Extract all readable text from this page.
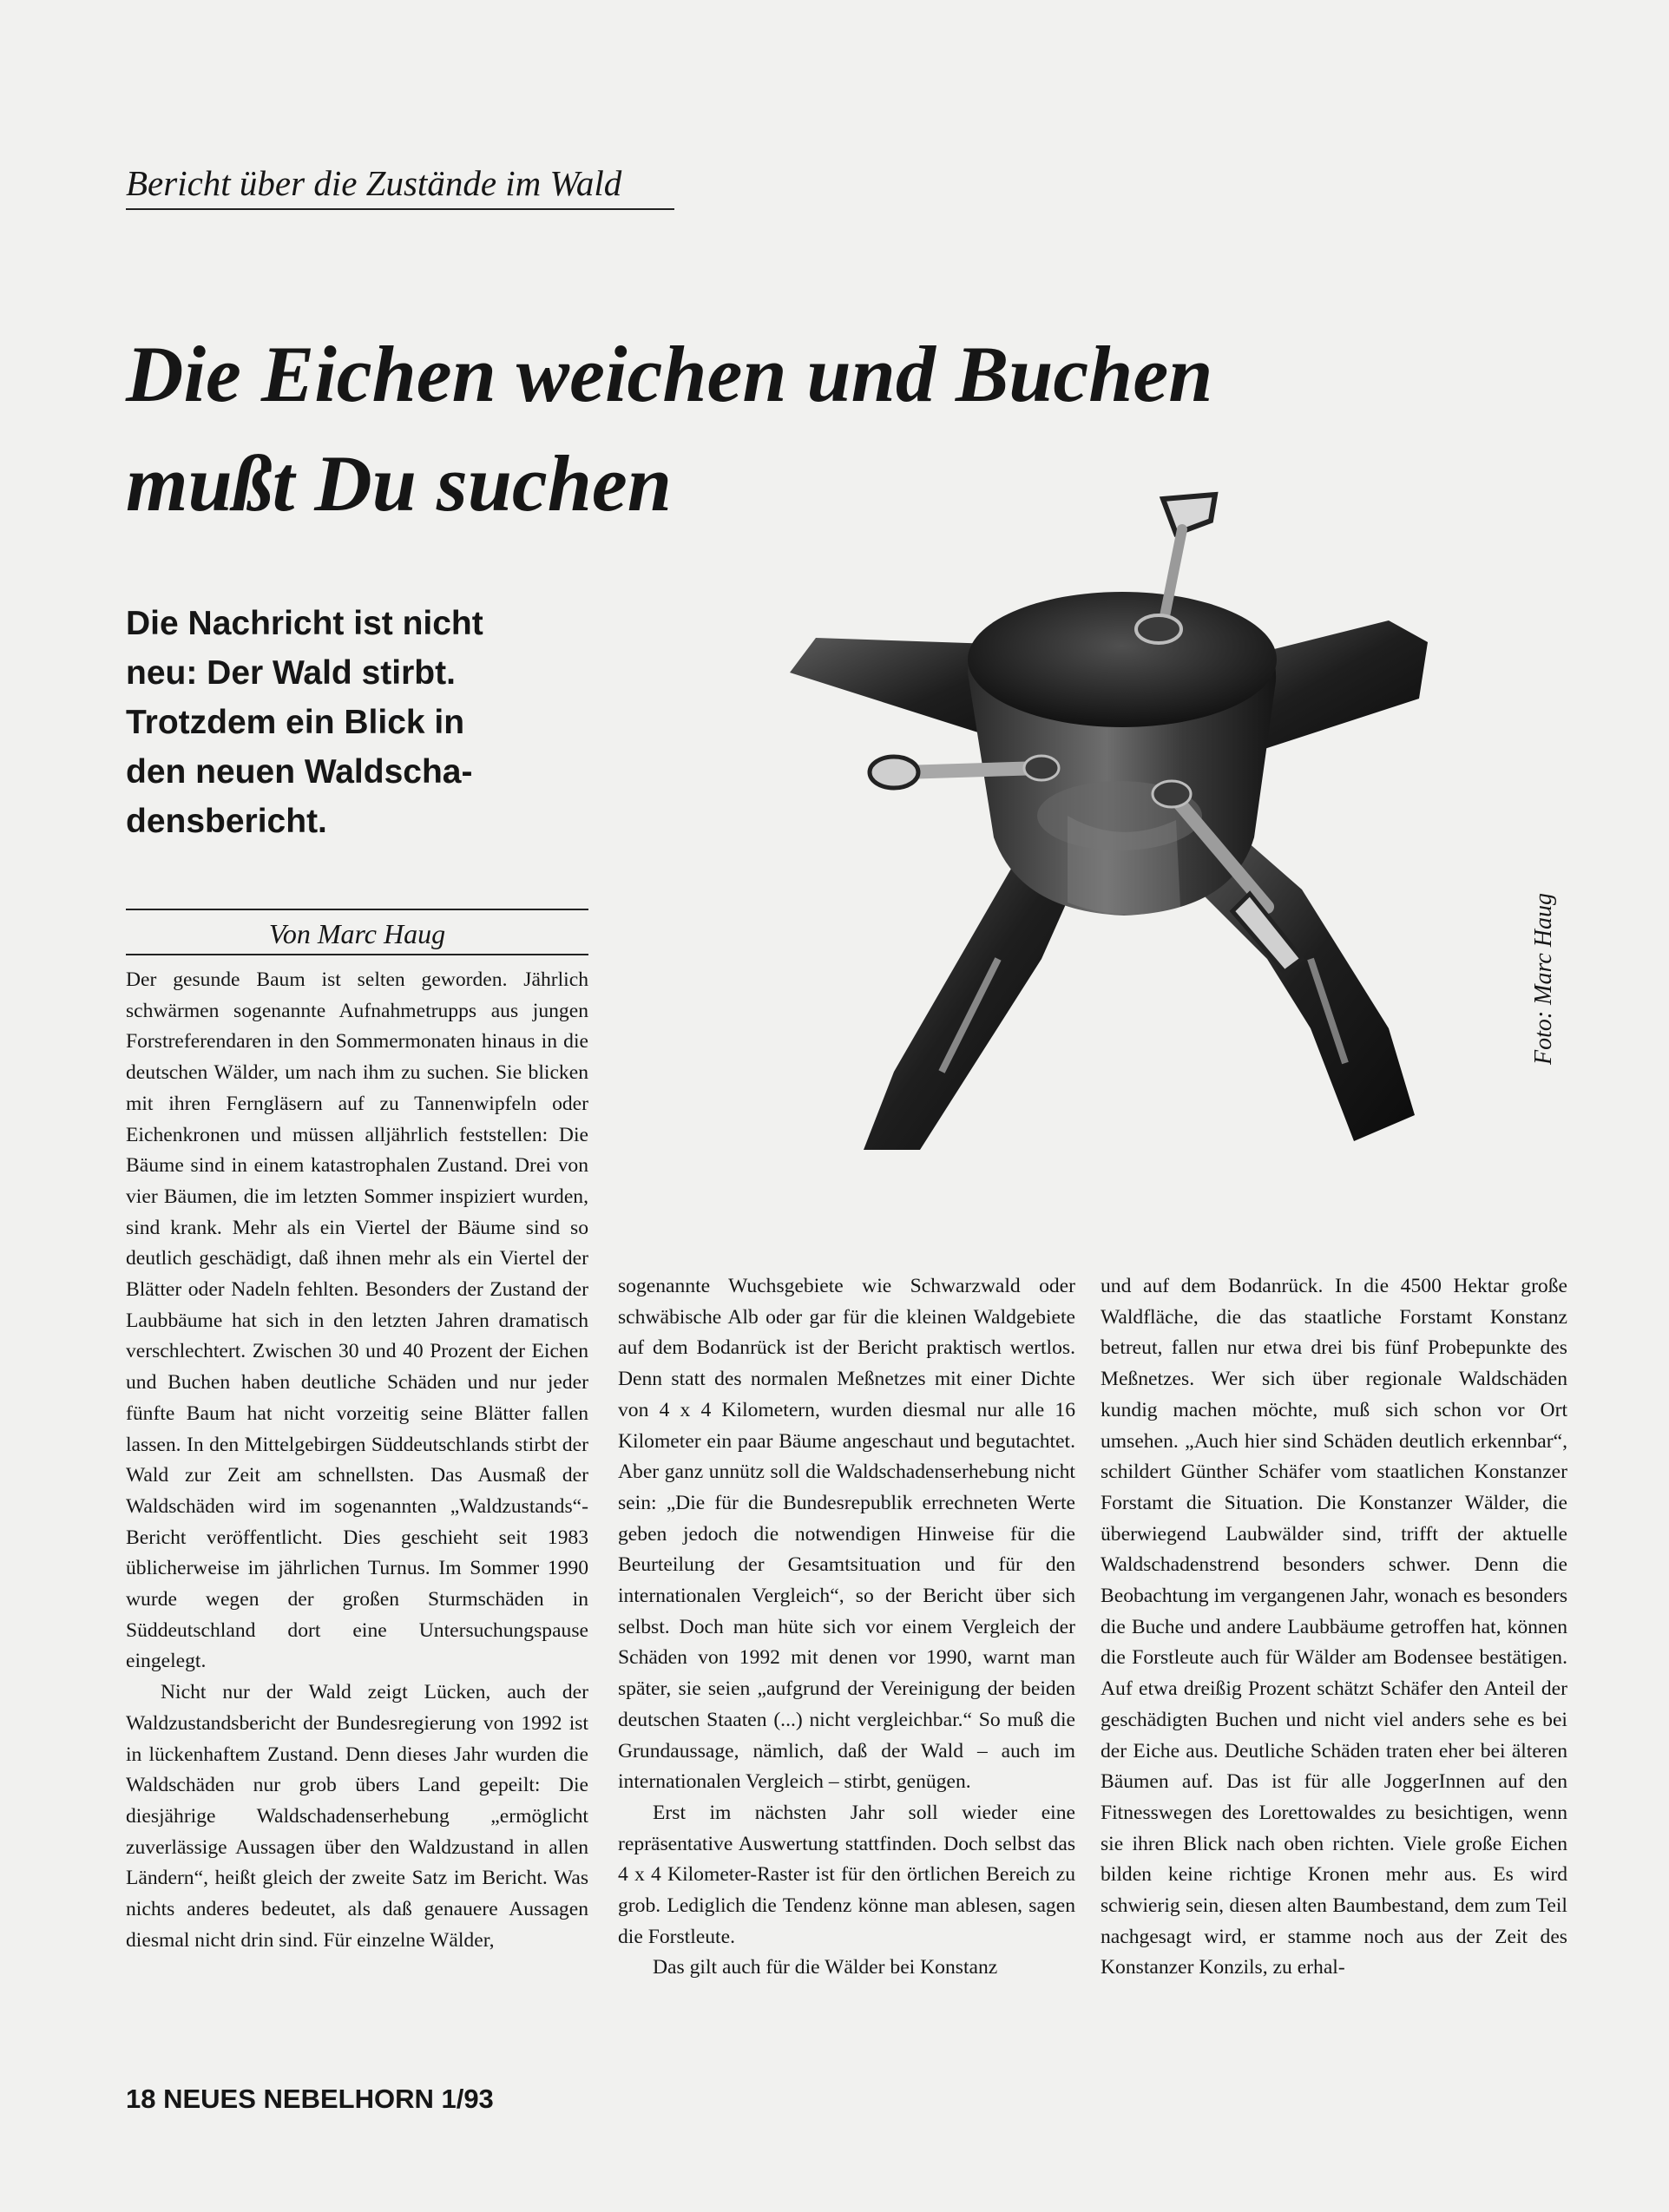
Bericht über die Zustände im Wald
Die Eichen weichen und Buchen
mußt Du suchen
Die Nachricht ist nicht
neu: Der Wald stirbt.
Trotzdem ein Blick in
den neuen Waldscha-
densbericht.
Von Marc Haug	Foto: Marc Haug

Der gesunde Baum ist selten geworden. Jährlich schwärmen sogenannte Aufnahmetrupps aus jungen Forstreferendaren in den Sommermonaten hinaus in die deutschen Wälder, um nach ihm zu suchen. Sie blicken mit ihren Ferngläsern auf zu Tannenwipfeln oder Eichenkronen und müssen alljährlich feststellen: Die Bäume sind in einem katastrophalen Zustand. Drei von vier Bäumen, die im letzten Sommer inspiziert wurden, sind krank. Mehr als ein Viertel der Bäume sind so deutlich geschädigt, daß ihnen mehr als ein Viertel der Blätter oder Nadeln fehlten. Besonders der Zustand der Laubbäume hat sich in den letzten Jahren dramatisch verschlechtert. Zwischen 30 und 40 Prozent der Eichen und Buchen haben deutliche Schäden und nur jeder fünfte Baum hat nicht vorzeitig seine Blätter fallen lassen. In den Mittelgebirgen Süddeutschlands stirbt der Wald zur Zeit am schnellsten. Das Ausmaß der Waldschäden wird im sogenannten „Waldzustands“-Bericht veröffentlicht. Dies geschieht seit 1983 üblicherweise im jährlichen Turnus. Im Sommer 1990 wurde wegen der großen Sturmschäden in Süddeutschland dort eine Untersuchungspause eingelegt.

Nicht nur der Wald zeigt Lücken, auch der Waldzustandsbericht der Bundesregierung von 1992 ist in lückenhaftem Zustand. Denn dieses Jahr wurden die Waldschäden nur grob übers Land gepeilt: Die diesjährige Waldschadenserhebung „ermöglicht zuverlässige Aussagen über den Waldzustand in allen Ländern“, heißt gleich der zweite Satz im Bericht. Was nichts anderes bedeutet, als daß genauere Aussagen diesmal nicht drin sind. Für einzelne Wälder,

sogenannte Wuchsgebiete wie Schwarzwald oder schwäbische Alb oder gar für die kleinen Waldgebiete auf dem Bodanrück ist der Bericht praktisch wertlos. Denn statt des normalen Meßnetzes mit einer Dichte von 4 x 4 Kilometern, wurden diesmal nur alle 16 Kilometer ein paar Bäume angeschaut und begutachtet. Aber ganz unnütz soll die Waldschadenserhebung nicht sein: „Die für die Bundesrepublik errechneten Werte geben jedoch die notwendigen Hinweise für die Beurteilung der Gesamtsituation und für den internationalen Vergleich“, so der Bericht über sich selbst. Doch man hüte sich vor einem Vergleich der Schäden von 1992 mit denen vor 1990, warnt man später, sie seien „aufgrund der Vereinigung der beiden deutschen Staaten (...) nicht vergleichbar.“ So muß die Grundaussage, nämlich, daß der Wald – auch im internationalen Vergleich – stirbt, genügen.

Erst im nächsten Jahr soll wieder eine repräsentative Auswertung stattfinden. Doch selbst das 4 x 4 Kilometer-Raster ist für den örtlichen Bereich zu grob. Lediglich die Tendenz könne man ablesen, sagen die Forstleute.

Das gilt auch für die Wälder bei Konstanz

und auf dem Bodanrück. In die 4500 Hektar große Waldfläche, die das staatliche Forstamt Konstanz betreut, fallen nur etwa drei bis fünf Probepunkte des Meßnetzes. Wer sich über regionale Waldschäden kundig machen möchte, muß sich schon vor Ort umsehen. „Auch hier sind Schäden deutlich erkennbar“, schildert Günther Schäfer vom staatlichen Konstanzer Forstamt die Situation. Die Konstanzer Wälder, die überwiegend Laubwälder sind, trifft der aktuelle Waldschadenstrend besonders schwer. Denn die Beobachtung im vergangenen Jahr, wonach es besonders die Buche und andere Laubbäume getroffen hat, können die Forstleute auch für Wälder am Bodensee bestätigen. Auf etwa dreißig Prozent schätzt Schäfer den Anteil der geschädigten Buchen und nicht viel anders sehe es bei der Eiche aus. Deutliche Schäden traten eher bei älteren Bäumen auf. Das ist für alle JoggerInnen auf den Fitnesswegen des Lorettowaldes zu besichtigen, wenn sie ihren Blick nach oben richten. Viele große Eichen bilden keine richtige Kronen mehr aus. Es wird schwierig sein, diesen alten Baumbestand, dem zum Teil nachgesagt wird, er stamme noch aus der Zeit des Konstanzer Konzils, zu erhal-

18 NEUES NEBELHORN 1/93
